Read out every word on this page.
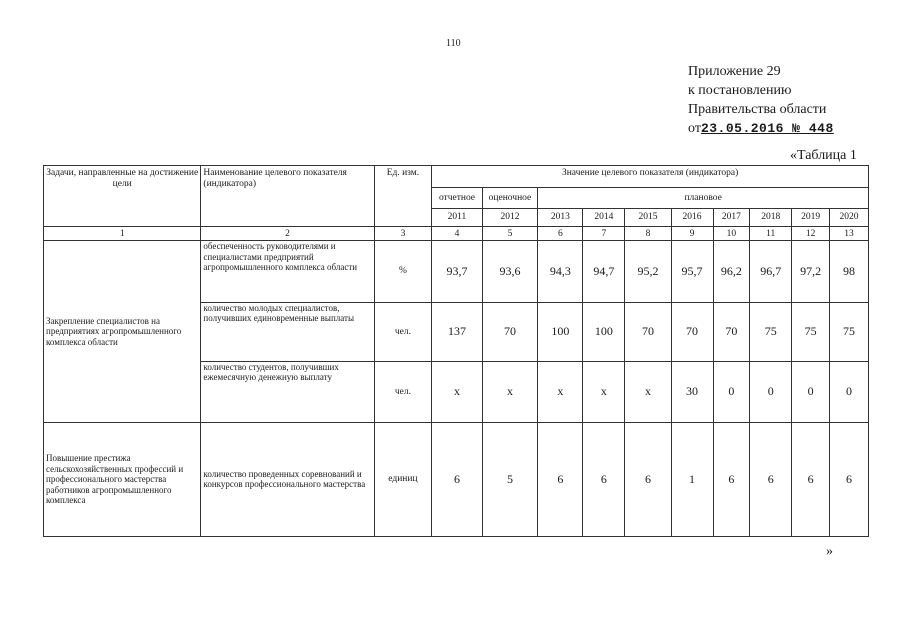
110
Приложение 29
к постановлению
Правительства области
от23.05.2016 № 448
«Таблица 1
Задачи, направленные на достижение цели	Наименование целевого показателя (индикатора)	Ед. изм.	Значение целевого показателя (индикатора)									
			отчетное	оценочное	плановое							
			2011	2012	2013	2014	2015	2016	2017	2018	2019	2020
1	2	3	4	5	6	7	8	9	10	11	12	13
Закрепление специалистов на предприятиях агропромышленного комплекса области	обеспеченность руководителями и специалистами предприятий агропромышленного комплекса области	%	93,7	93,6	94,3	94,7	95,2	95,7	96,2	96,7	97,2	98
	количество молодых специалистов, получивших единовременные выплаты	чел.	137	70	100	100	70	70	70	75	75	75
	количество студентов, получивших ежемесячную денежную выплату	чел.	x	x	x	x	x	30	0	0	0	0
Повышение престижа сельскохозяйственных профессий и профессионального мастерства работников агропромышленного комплекса	количество проведенных соревнований и конкурсов профессионального мастерства	единиц	6	5	6	6	6	1	6	6	6	6
»
